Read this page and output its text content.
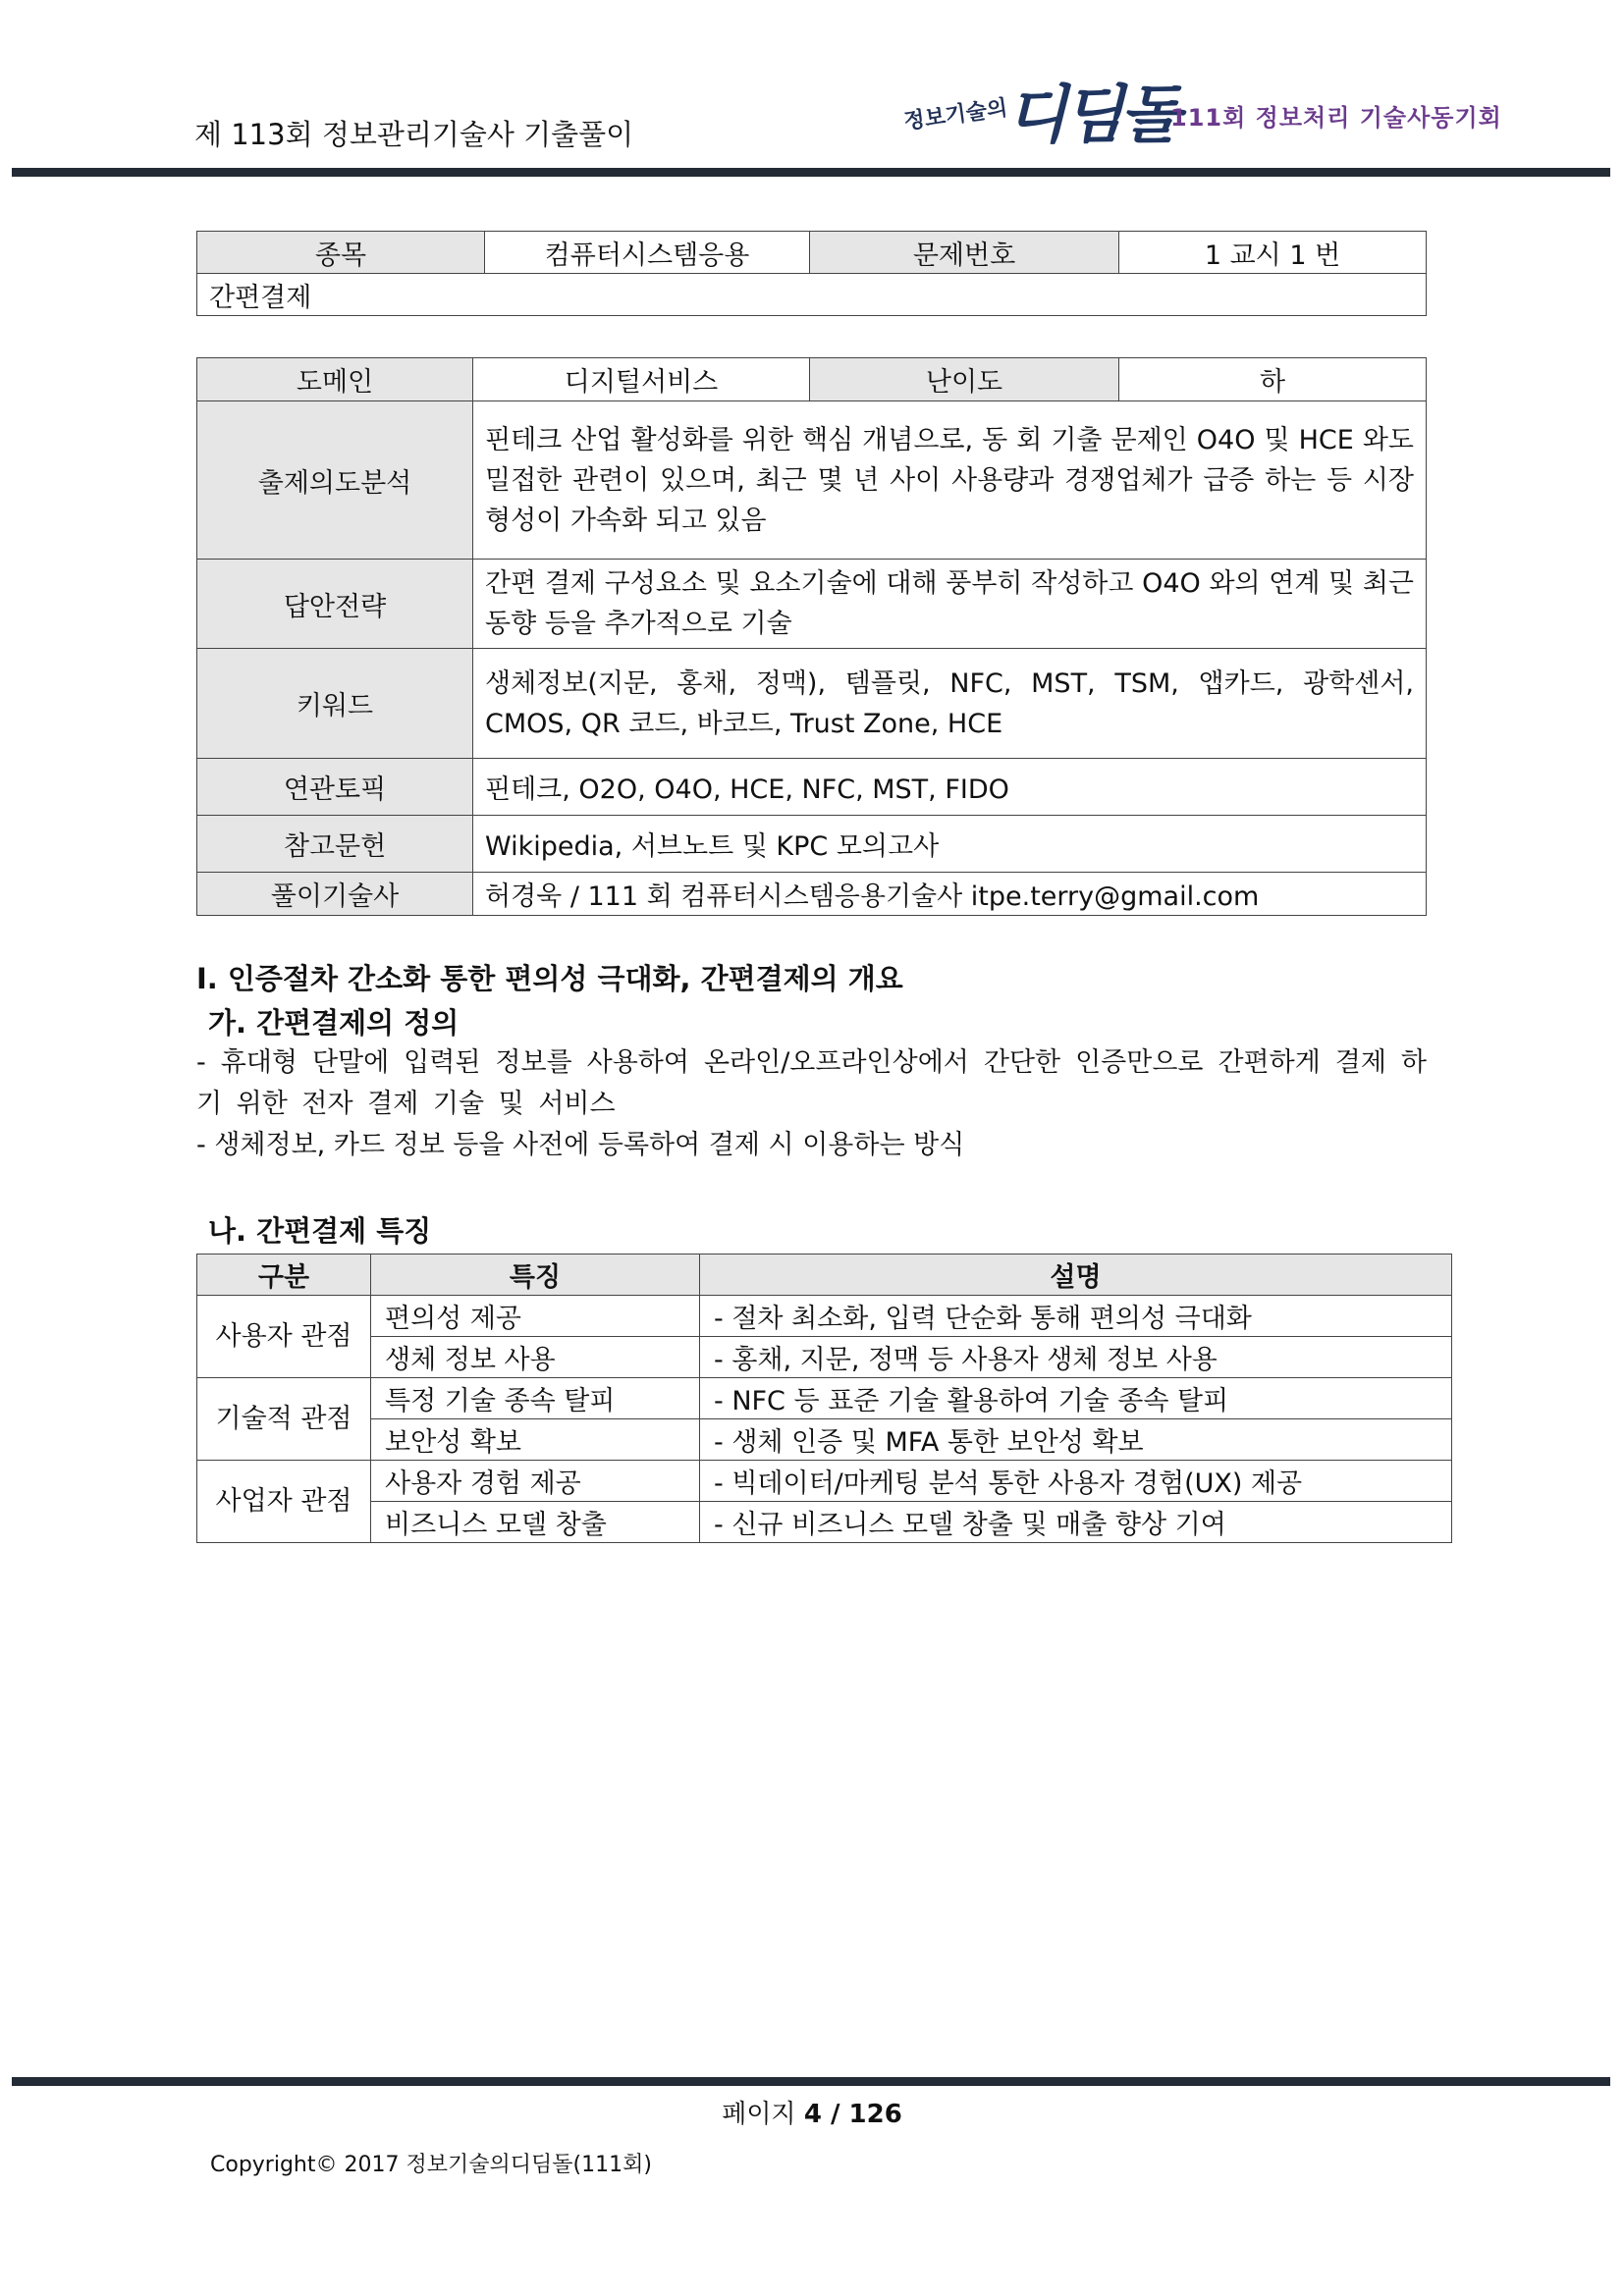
제 113회 정보관리기술사 기출풀이	정보기술의
디딤돌
111회 정보처리 기술사동기회
종목	컴퓨터시스템응용	문제번호	1 교시 1 번
간편결제
도메인	디지털서비스	난이도	하
출제의도분석	핀테크 산업 활성화를 위한 핵심 개념으로, 동 회 기출 문제인 O4O 및 HCE 와도 밀접한 관련이 있으며, 최근 몇 년 사이 사용량과 경쟁업체가 급증 하는 등 시장 형성이 가속화 되고 있음		
답안전략	간편 결제 구성요소 및 요소기술에 대해 풍부히 작성하고 O4O 와의 연계 및 최근 동향 등을 추가적으로 기술		
키워드	생체정보(지문, 홍채, 정맥), 템플릿, NFC, MST, TSM, 앱카드, 광학센서, CMOS, QR 코드, 바코드, Trust Zone, HCE		
연관토픽	핀테크, O2O, O4O, HCE, NFC, MST, FIDO		
참고문헌	Wikipedia, 서브노트 및 KPC 모의고사		
풀이기술사	허경욱 / 111 회 컴퓨터시스템응용기술사 itpe.terry@gmail.com		
I. 인증절차 간소화 통한 편의성 극대화, 간편결제의 개요
가. 간편결제의 정의
- 휴대형 단말에 입력된 정보를 사용하여 온라인/오프라인상에서 간단한 인증만으로 간편하게 결제 하기 위한 전자 결제 기술 및 서비스
- 생체정보, 카드 정보 등을 사전에 등록하여 결제 시 이용하는 방식
나. 간편결제 특징
구분	특징	설명
사용자 관점	편의성 제공	- 절차 최소화, 입력 단순화 통해 편의성 극대화
	생체 정보 사용	- 홍채, 지문, 정맥 등 사용자 생체 정보 사용
기술적 관점	특정 기술 종속 탈피	- NFC 등 표준 기술 활용하여 기술 종속 탈피
	보안성 확보	- 생체 인증 및 MFA 통한 보안성 확보
사업자 관점	사용자 경험 제공	- 빅데이터/마케팅 분석 통한 사용자 경험(UX) 제공
	비즈니스 모델 창출	- 신규 비즈니스 모델 창출 및 매출 향상 기여
페이지 4 / 126
Copyright© 2017 정보기술의디딤돌(111회)
